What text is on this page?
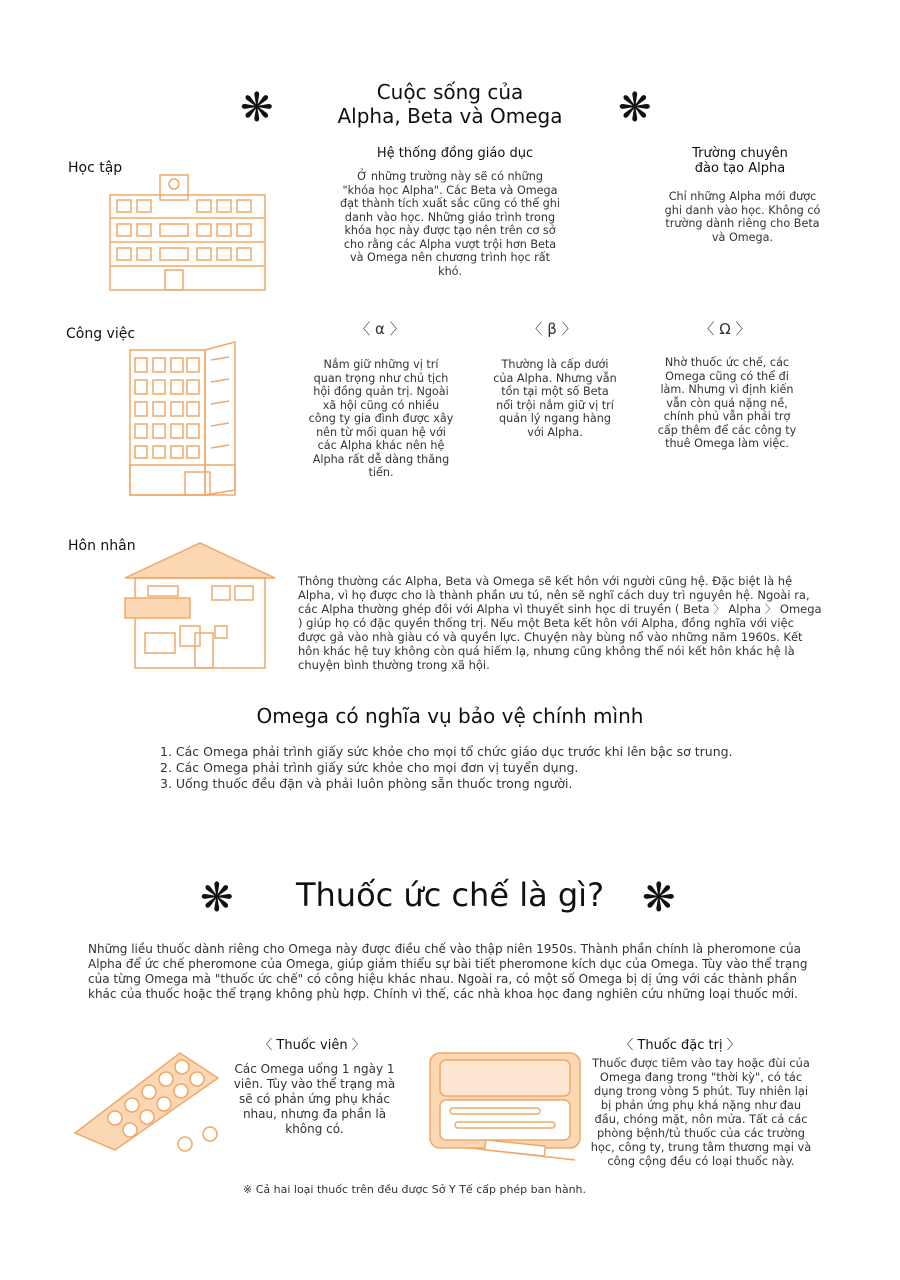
❋	❋
❋	❋
Cuộc sống của
Alpha, Beta và Omega
Học tập
Hệ thống đồng giáo dục
Ở những trường này sẽ có những "khóa học Alpha". Các Beta và Omega đạt thành tích xuất sắc cũng có thể ghi danh vào học. Những giáo trình trong khóa học này được tạo nên trên cơ sở cho rằng các Alpha vượt trội hơn Beta và Omega nên chương trình học rất khó.
Trường chuyên
đào tạo Alpha
Chỉ những Alpha mới được ghi danh vào học. Không có trường dành riêng cho Beta và Omega.
Công việc	〈 α 〉
Nắm giữ những vị trí quan trọng như chủ tịch hội đồng quản trị. Ngoài xã hội cũng có nhiều công ty gia đình được xây nên từ mối quan hệ với các Alpha khác nên hệ Alpha rất dễ dàng thăng tiến.
〈 β 〉
Thường là cấp dưới của Alpha. Nhưng vẫn tồn tại một số Beta nổi trội nắm giữ vị trí quản lý ngang hàng với Alpha.
〈 Ω 〉
Nhờ thuốc ức chế, các Omega cũng có thể đi làm. Nhưng vì định kiến vẫn còn quá nặng nề, chính phủ vẫn phải trợ cấp thêm để các công ty thuê Omega làm việc.
Hôn nhân
Thông thường các Alpha, Beta và Omega sẽ kết hôn với người cũng hệ. Đặc biệt là hệ Alpha, vì họ được cho là thành phần ưu tú, nên sẽ nghĩ cách duy trì nguyên hệ. Ngoài ra, các Alpha thường ghép đôi với Alpha vì thuyết sinh học di truyền ( Beta 〉 Alpha 〉 Omega ) giúp họ có đặc quyền thống trị. Nếu một Beta kết hôn với Alpha, đồng nghĩa với việc được gả vào nhà giàu có và quyền lực. Chuyện này bùng nổ vào những năm 1960s. Kết hôn khác hệ tuy không còn quá hiếm lạ, nhưng cũng không thể nói kết hôn khác hệ là chuyện bình thường trong xã hội.
Omega có nghĩa vụ bảo vệ chính mình
1. Các Omega phải trình giấy sức khỏe cho mọi tổ chức giáo dục trước khi lên bậc sơ trung.
2. Các Omega phải trình giấy sức khỏe cho mọi đơn vị tuyển dụng.
3. Uống thuốc đều đặn và phải luôn phòng sẵn thuốc trong người.
Thuốc ức chế là gì?
Những liều thuốc dành riêng cho Omega này được điều chế vào thập niên 1950s. Thành phần chính là pheromone của Alpha để ức chế pheromone của Omega, giúp giảm thiểu sự bài tiết pheromone kích dục của Omega. Tùy vào thể trạng của từng Omega mà "thuốc ức chế" có công hiệu khác nhau. Ngoài ra, có một số Omega bị dị ứng với các thành phần khác của thuốc hoặc thể trạng không phù hợp. Chính vì thế, các nhà khoa học đang nghiên cứu những loại thuốc mới.
〈 Thuốc viên 〉
Các Omega uống 1 ngày 1 viên. Tùy vào thể trạng mà sẽ có phản ứng phụ khác nhau, nhưng đa phần là không có.
〈 Thuốc đặc trị 〉
Thuốc được tiêm vào tay hoặc đùi của Omega đang trong "thời kỳ", có tác dụng trong vòng 5 phút. Tuy nhiên lại bị phản ứng phụ khá nặng như đau đầu, chóng mặt, nôn mửa. Tất cả các phòng bệnh/tủ thuốc của các trường học, công ty, trung tâm thương mại và công cộng đều có loại thuốc này.
※ Cả hai loại thuốc trên đều được Sở Y Tế cấp phép ban hành.
